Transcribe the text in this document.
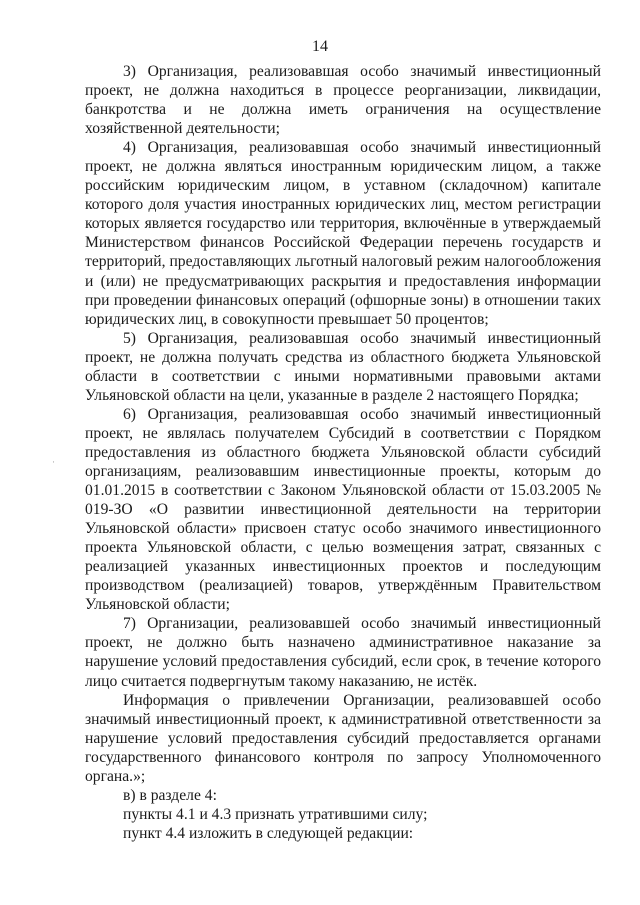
14

3) Организация, реализовавшая особо значимый инвестиционный проект, не должна находиться в процессе реорганизации, ликвидации, банкротства и не должна иметь ограничения на осуществление хозяйственной деятельности;

4) Организация, реализовавшая особо значимый инвестиционный проект, не должна являться иностранным юридическим лицом, а также российским юридическим лицом, в уставном (складочном) капитале которого доля участия иностранных юридических лиц, местом регистрации которых является государство или территория, включённые в утверждаемый Министерством финансов Российской Федерации перечень государств и территорий, предоставляющих льготный налоговый режим налогообложения и (или) не предусматривающих раскрытия и предоставления информации при проведении финансовых операций (офшорные зоны) в отношении таких юридических лиц, в совокупности превышает 50 процентов;

5) Организация, реализовавшая особо значимый инвестиционный проект, не должна получать средства из областного бюджета Ульяновской области в соответствии с иными нормативными правовыми актами Ульяновской области на цели, указанные в разделе 2 настоящего Порядка;

6) Организация, реализовавшая особо значимый инвестиционный проект, не являлась получателем Субсидий в соответствии с Порядком предоставления из областного бюджета Ульяновской области субсидий организациям, реализовавшим инвестиционные проекты, которым до 01.01.2015 в соответствии с Законом Ульяновской области от 15.03.2005 № 019-ЗО «О развитии инвестиционной деятельности на территории Ульяновской области» присвоен статус особо значимого инвестиционного проекта Ульяновской области, с целью возмещения затрат, связанных с реализацией указанных инвестиционных проектов и последующим производством (реализацией) товаров, утверждённым Правительством Ульяновской области;

7) Организации, реализовавшей особо значимый инвестиционный проект, не должно быть назначено административное наказание за нарушение условий предоставления субсидий, если срок, в течение которого лицо считается подвергнутым такому наказанию, не истёк.

Информация о привлечении Организации, реализовавшей особо значимый инвестиционный проект, к административной ответственности за нарушение условий предоставления субсидий предоставляется органами государственного финансового контроля по запросу Уполномоченного органа.»;

в) в разделе 4:

пункты 4.1 и 4.3 признать утратившими силу;

пункт 4.4 изложить в следующей редакции:

·
